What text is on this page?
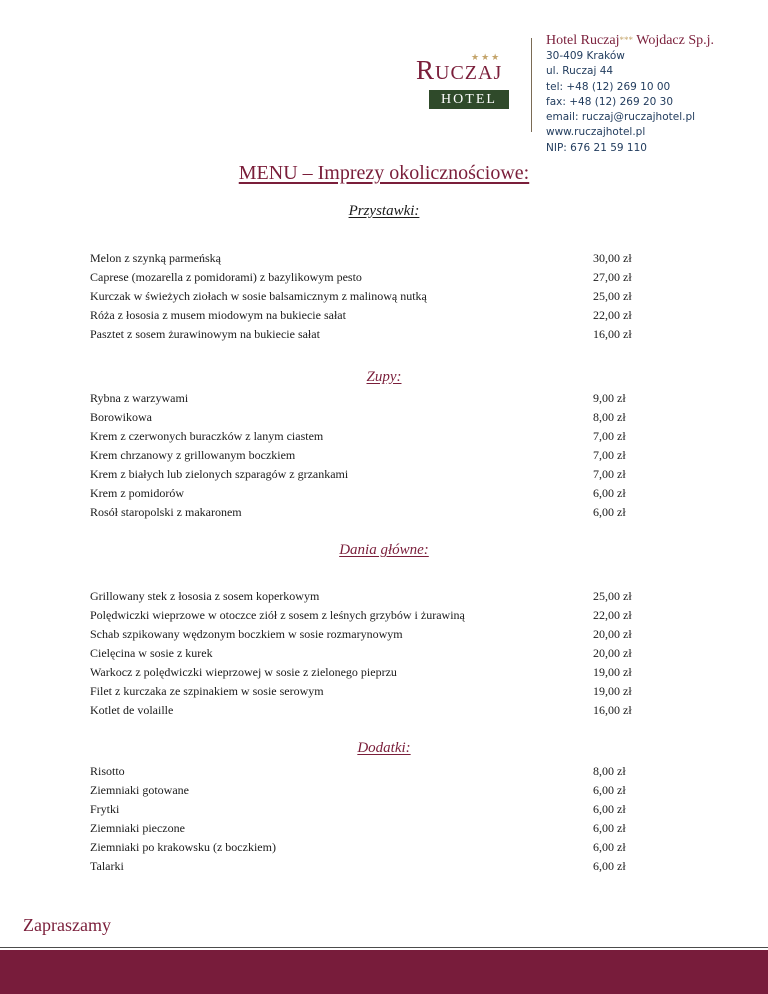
★★★
RUCZAJ
HOTEL
Hotel Ruczaj*** Wojdacz Sp.j.
30-409 Kraków
ul. Ruczaj 44
tel: +48 (12) 269 10 00
fax: +48 (12) 269 20 30
email: ruczaj@ruczajhotel.pl
www.ruczajhotel.pl
NIP: 676 21 59 110
MENU – Imprezy okolicznościowe:
Przystawki:
Melon z szynką parmeńską	30,00 zł
Caprese (mozarella z pomidorami) z bazylikowym pesto	27,00 zł
Kurczak w świeżych ziołach w sosie balsamicznym z malinową nutką	25,00 zł
Róża z łososia z musem miodowym na bukiecie sałat	22,00 zł
Pasztet z sosem żurawinowym na bukiecie sałat	16,00 zł
Zupy:
Rybna z warzywami	9,00 zł
Borowikowa	8,00 zł
Krem z czerwonych buraczków z lanym ciastem	7,00 zł
Krem chrzanowy z grillowanym boczkiem	7,00 zł
Krem z białych lub zielonych szparagów z grzankami	7,00 zł
Krem z pomidorów	6,00 zł
Rosół staropolski z makaronem	6,00 zł
Dania główne:
Grillowany stek z łososia z sosem koperkowym	25,00 zł
Polędwiczki wieprzowe w otoczce ziół z sosem z leśnych grzybów i żurawiną	22,00 zł
Schab szpikowany wędzonym boczkiem w sosie rozmarynowym	20,00 zł
Cielęcina w sosie z kurek	20,00 zł
Warkocz z polędwiczki wieprzowej w sosie z zielonego pieprzu	19,00 zł
Filet z kurczaka ze szpinakiem w sosie serowym	19,00 zł
Kotlet de volaille	16,00 zł
Dodatki:
Risotto	8,00 zł
Ziemniaki gotowane	6,00 zł
Frytki	6,00 zł
Ziemniaki pieczone	6,00 zł
Ziemniaki po krakowsku (z boczkiem)	6,00 zł
Talarki	6,00 zł
Zapraszamy
